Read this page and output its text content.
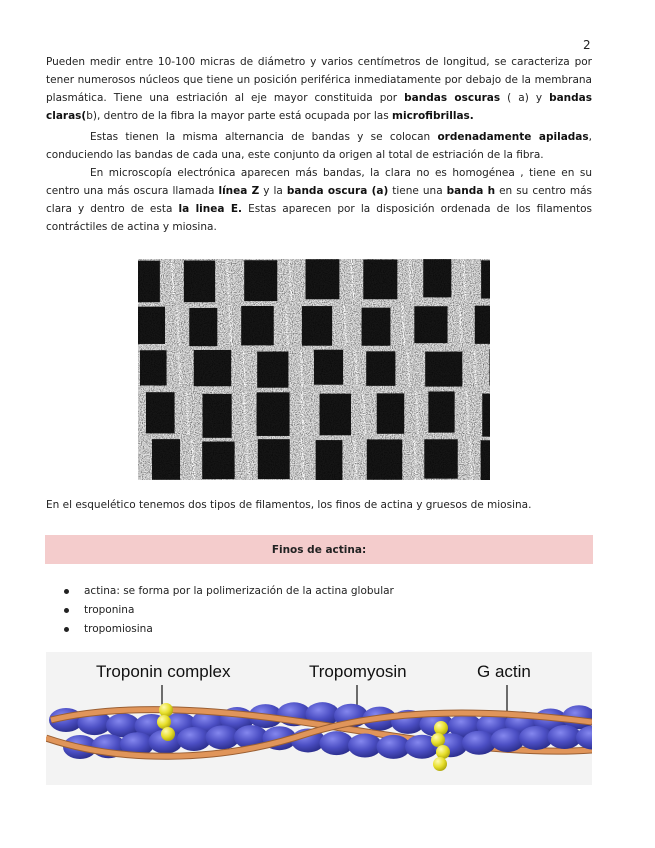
2
Pueden medir entre 10-100 micras de diámetro y varios centímetros de longitud, se caracteriza por tener numerosos núcleos que tiene un posición periférica inmediatamente por debajo de la membrana plasmática. Tiene una estriación al eje mayor constituida por bandas oscuras ( a) y bandas claras(b), dentro de la fibra la mayor parte está ocupada por las microfibrillas.
Estas tienen la misma alternancia de bandas y se colocan ordenadamente apiladas, conduciendo las bandas de cada una, este conjunto da origen al total de estriación de la fibra.
En microscopía electrónica aparecen más bandas, la clara no es homogénea , tiene en su centro una más oscura llamada línea Z y la banda oscura (a) tiene una banda h en su centro más clara y dentro de esta la linea E. Estas aparecen por la disposición ordenada de los filamentos contráctiles de actina y miosina.
En el esquelético tenemos dos tipos de filamentos, los finos de actina y gruesos de miosina.
Finos de actina:
actina: se forma por la polimerización de la actina globular
troponina
tropomiosina
Troponin complex	Tropomyosin	G actin
